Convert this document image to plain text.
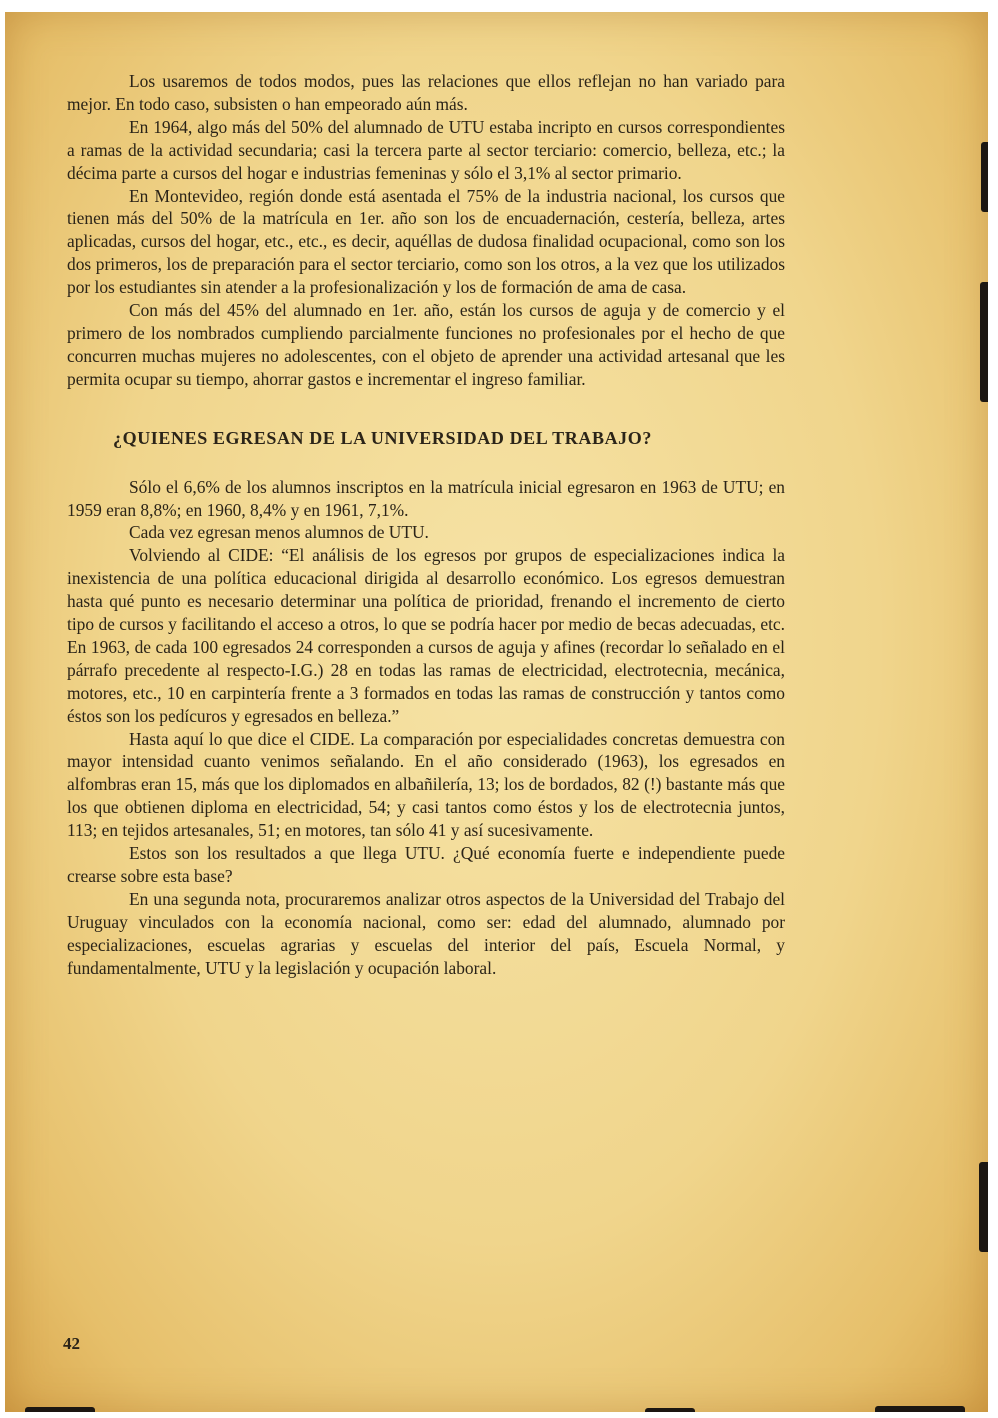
Los usaremos de todos modos, pues las relaciones que ellos reflejan no han variado para mejor. En todo caso, subsisten o han empeorado aún más.

En 1964, algo más del 50% del alumnado de UTU estaba incripto en cursos correspondientes a ramas de la actividad secundaria; casi la tercera parte al sector terciario: comercio, belleza, etc.; la décima parte a cursos del hogar e industrias femeninas y sólo el 3,1% al sector primario.

En Montevideo, región donde está asentada el 75% de la industria nacional, los cursos que tienen más del 50% de la matrícula en 1er. año son los de encuadernación, cestería, belleza, artes aplicadas, cursos del hogar, etc., etc., es decir, aquéllas de dudosa finalidad ocupacional, como son los dos primeros, los de preparación para el sector terciario, como son los otros, a la vez que los utilizados por los estudiantes sin atender a la profesionalización y los de formación de ama de casa.

Con más del 45% del alumnado en 1er. año, están los cursos de aguja y de comercio y el primero de los nombrados cumpliendo parcialmente funciones no profesionales por el hecho de que concurren muchas mujeres no adolescentes, con el objeto de aprender una actividad artesanal que les permita ocupar su tiempo, ahorrar gastos e incrementar el ingreso familiar.

¿QUIENES EGRESAN DE LA UNIVERSIDAD DEL TRABAJO?

Sólo el 6,6% de los alumnos inscriptos en la matrícula inicial egresaron en 1963 de UTU; en 1959 eran 8,8%; en 1960, 8,4% y en 1961, 7,1%.

Cada vez egresan menos alumnos de UTU.

Volviendo al CIDE: “El análisis de los egresos por grupos de especializaciones indica la inexistencia de una política educacional dirigida al desarrollo económico. Los egresos demuestran hasta qué punto es necesario determinar una política de prioridad, frenando el incremento de cierto tipo de cursos y facilitando el acceso a otros, lo que se podría hacer por medio de becas adecuadas, etc. En 1963, de cada 100 egresados 24 corresponden a cursos de aguja y afines (recordar lo señalado en el párrafo precedente al respecto-I.G.) 28 en todas las ramas de electricidad, electrotecnia, mecánica, motores, etc., 10 en carpintería frente a 3 formados en todas las ramas de construcción y tantos como éstos son los pedícuros y egresados en belleza.”

Hasta aquí lo que dice el CIDE. La comparación por especialidades concretas demuestra con mayor intensidad cuanto venimos señalando. En el año considerado (1963), los egresados en alfombras eran 15, más que los diplomados en albañilería, 13; los de bordados, 82 (!) bastante más que los que obtienen diploma en electricidad, 54; y casi tantos como éstos y los de electrotecnia juntos, 113; en tejidos artesanales, 51; en motores, tan sólo 41 y así sucesivamente.

Estos son los resultados a que llega UTU. ¿Qué economía fuerte e independiente puede crearse sobre esta base?

En una segunda nota, procuraremos analizar otros aspectos de la Universidad del Trabajo del Uruguay vinculados con la economía nacional, como ser: edad del alumnado, alumnado por especializaciones, escuelas agrarias y escuelas del interior del país, Escuela Normal, y fundamentalmente, UTU y la legislación y ocupación laboral.

42
